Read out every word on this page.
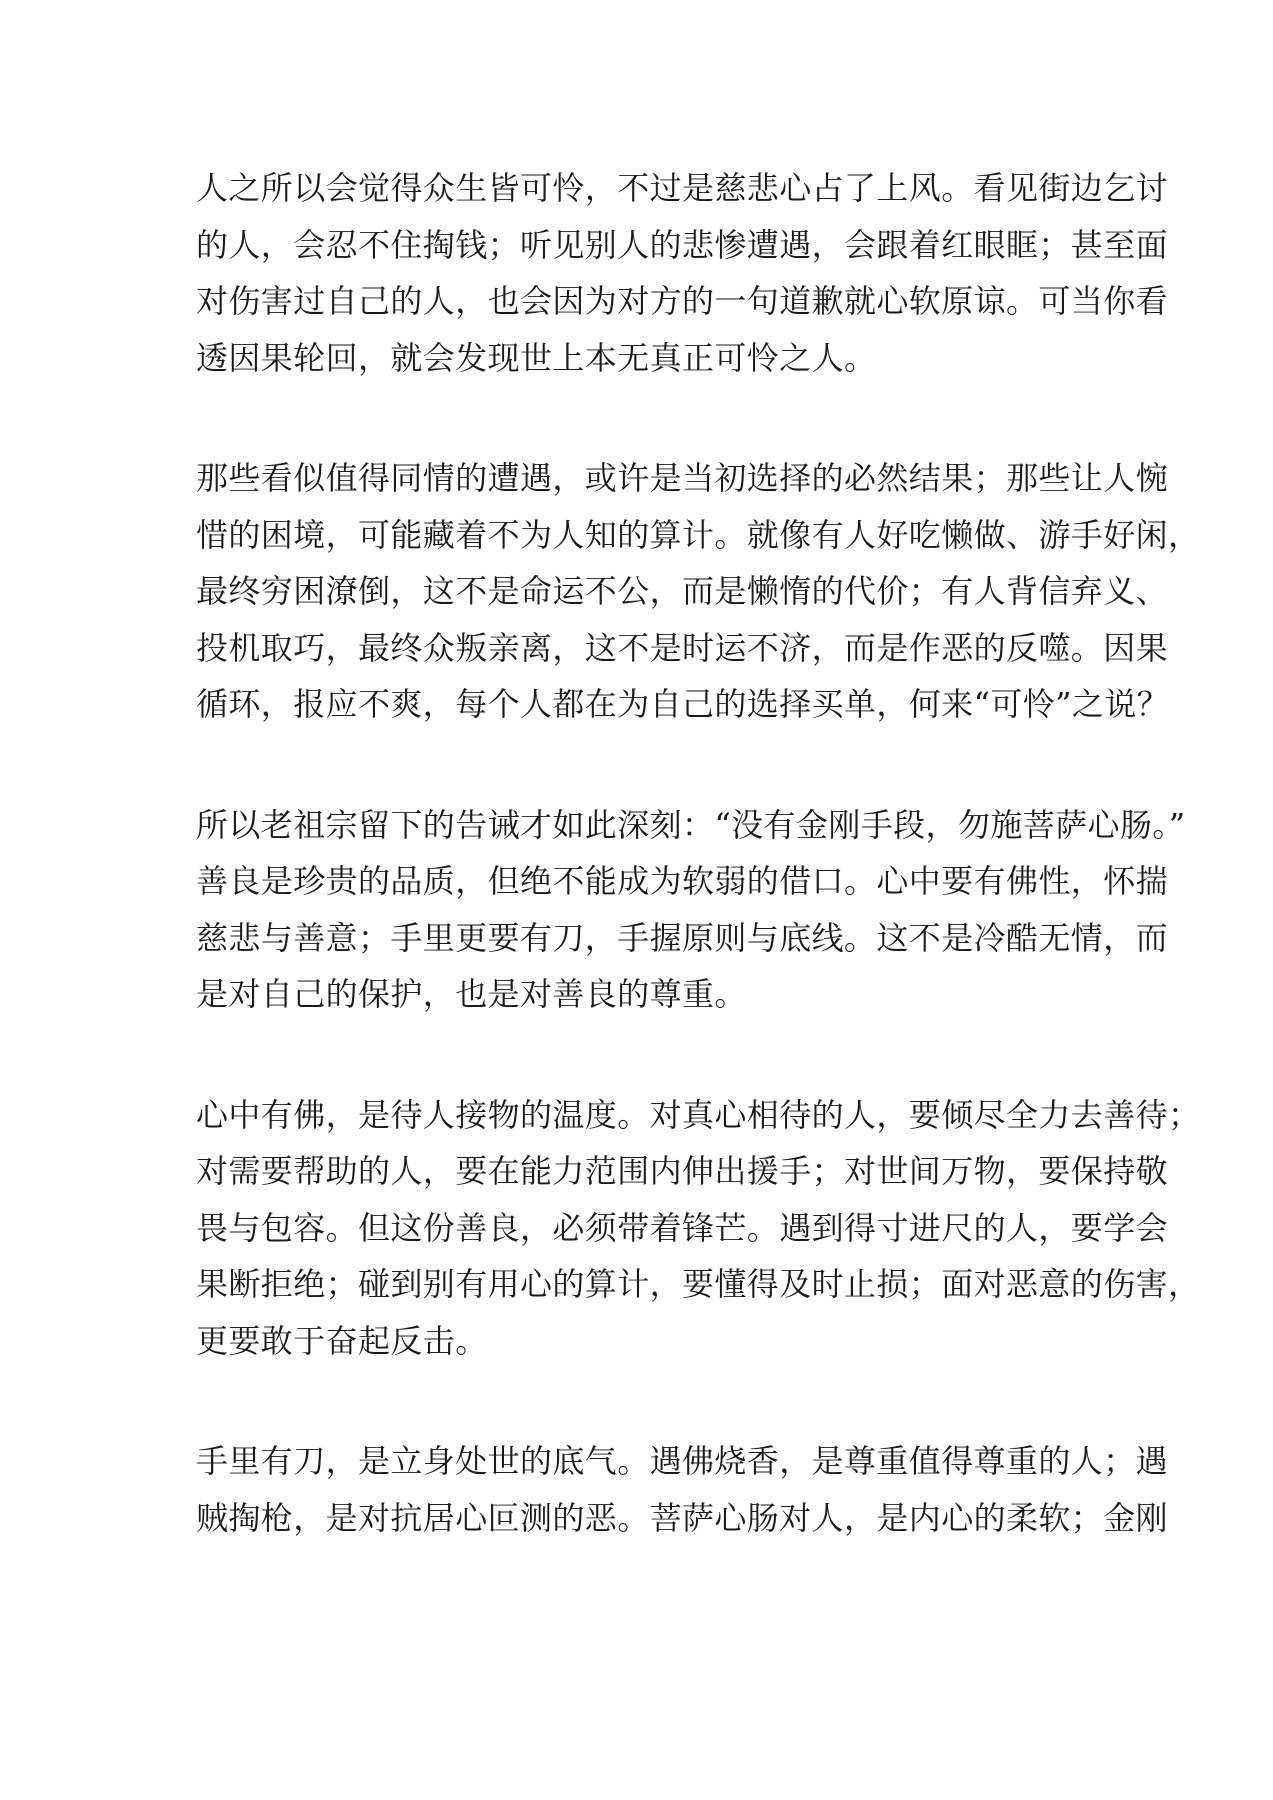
人之所以会觉得众生皆可怜，不过是慈悲心占了上风。看见街边乞讨
的人，会忍不住掏钱；听见别人的悲惨遭遇，会跟着红眼眶；甚至面
对伤害过自己的人，也会因为对方的一句道歉就心软原谅。可当你看
透因果轮回，就会发现世上本无真正可怜之人。
那些看似值得同情的遭遇，或许是当初选择的必然结果；那些让人惋
惜的困境，可能藏着不为人知的算计。就像有人好吃懒做、游手好闲，
最终穷困潦倒，这不是命运不公，而是懒惰的代价；有人背信弃义、
投机取巧，最终众叛亲离，这不是时运不济，而是作恶的反噬。因果
循环，报应不爽，每个人都在为自己的选择买单，何来“可怜”之说？
所以老祖宗留下的告诫才如此深刻：“没有金刚手段，勿施菩萨心肠。”
善良是珍贵的品质，但绝不能成为软弱的借口。心中要有佛性，怀揣
慈悲与善意；手里更要有刀，手握原则与底线。这不是冷酷无情，而
是对自己的保护，也是对善良的尊重。
心中有佛，是待人接物的温度。对真心相待的人，要倾尽全力去善待；
对需要帮助的人，要在能力范围内伸出援手；对世间万物，要保持敬
畏与包容。但这份善良，必须带着锋芒。遇到得寸进尺的人，要学会
果断拒绝；碰到别有用心的算计，要懂得及时止损；面对恶意的伤害，
更要敢于奋起反击。
手里有刀，是立身处世的底气。遇佛烧香，是尊重值得尊重的人；遇
贼掏枪，是对抗居心叵测的恶。菩萨心肠对人，是内心的柔软；金刚
